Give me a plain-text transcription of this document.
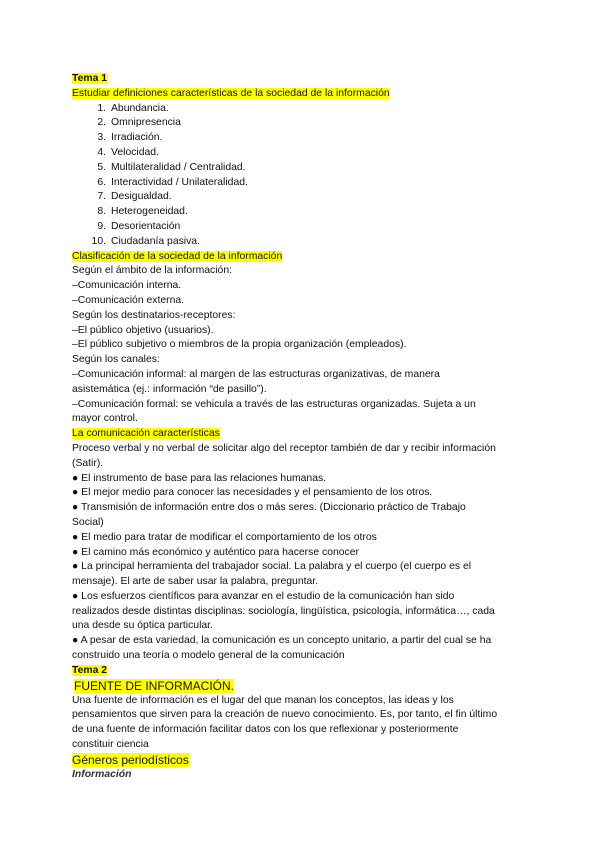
Tema 1
Estudiar definiciones características de la sociedad de la información
1. Abundancia.
2. Omnipresencia
3. Irradiación.
4. Velocidad.
5. Multilateralidad / Centralidad.
6. Interactividad / Unilateralidad.
7. Desigualdad.
8. Heterogeneidad.
9. Desorientación
10. Ciudadanía pasiva.
Clasificación de la sociedad de la información
Según el ámbito de la información:
–Comunicación interna.
–Comunicación externa.
Según los destinatarios-receptores:
–El público objetivo (usuarios).
–El público subjetivo o miembros de la propia organización (empleados).
Según los canales:
–Comunicación informal: al margen de las estructuras organizativas, de manera
asistemática (ej.: información “de pasillo”).
–Comunicación formal: se vehicula a través de las estructuras organizadas. Sujeta a un
mayor control.
La comunicación características
Proceso verbal y no verbal de solicitar algo del receptor también de dar y recibir información
(Satir).
● El instrumento de base para las relaciones humanas.
● El mejor medio para conocer las necesidades y el pensamiento de los otros.
● Transmisión de información entre dos o más seres. (Diccionario práctico de Trabajo
Social)
● El medio para tratar de modificar el comportamiento de los otros
● El camino más económico y auténtico para hacerse conocer
● La principal herramienta del trabajador social. La palabra y el cuerpo (el cuerpo es el
mensaje). El arte de saber usar la palabra, preguntar.
● Los esfuerzos científicos para avanzar en el estudio de la comunicación han sido
realizados desde distintas disciplinas: sociología, lingüística, psicología, informática…, cada
una desde su óptica particular.
● A pesar de esta variedad, la comunicación es un concepto unitario, a partir del cual se ha
construido una teoría o modelo general de la comunicación
Tema 2
FUENTE DE INFORMACIÓN.
Una fuente de información es el lugar del que manan los conceptos, las ideas y los
pensamientos que sirven para la creación de nuevo conocimiento. Es, por tanto, el fin último
de una fuente de información facilitar datos con los que reflexionar y posteriormente
constituir ciencia
Géneros periodísticos
Información
